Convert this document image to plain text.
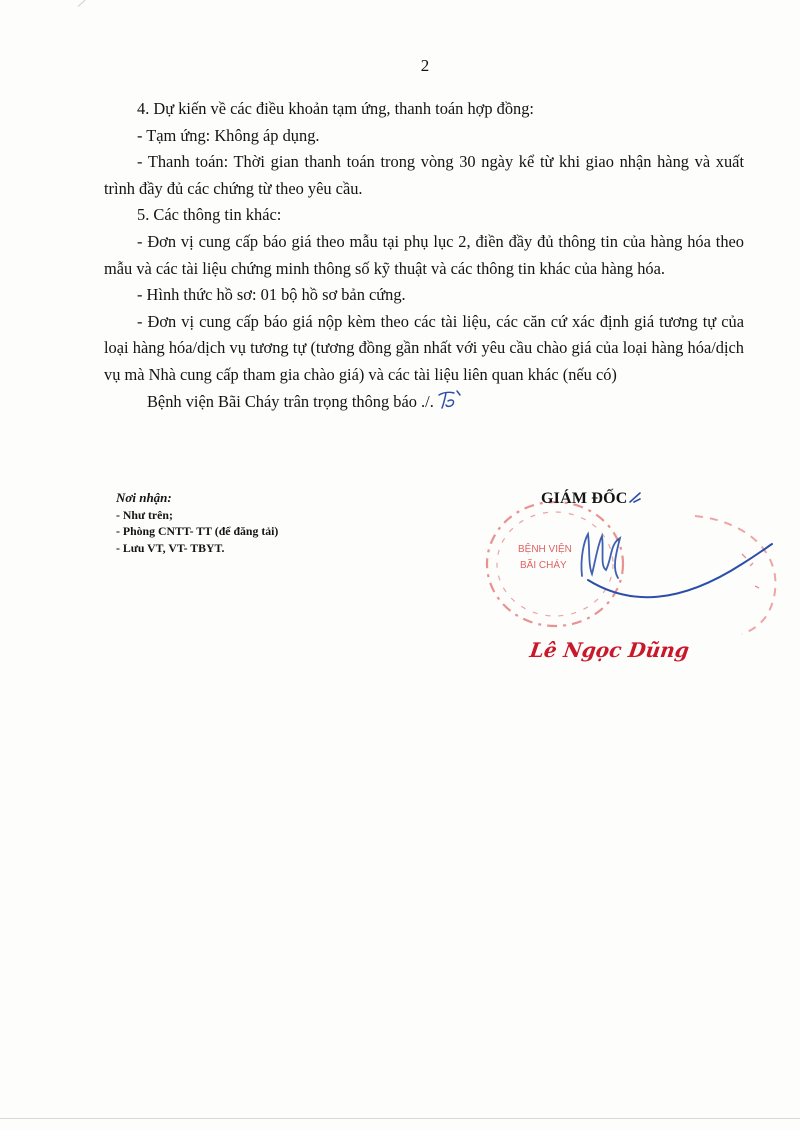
2

4. Dự kiến về các điều khoản tạm ứng, thanh toán hợp đồng:

- Tạm ứng: Không áp dụng.

- Thanh toán: Thời gian thanh toán trong vòng 30 ngày kể từ khi giao nhận hàng và xuất trình đầy đủ các chứng từ theo yêu cầu.

5. Các thông tin khác:

- Đơn vị cung cấp báo giá theo mẫu tại phụ lục 2, điền đầy đủ thông tin của hàng hóa theo mẫu và các tài liệu chứng minh thông số kỹ thuật và các thông tin khác của hàng hóa.

- Hình thức hồ sơ: 01 bộ hồ sơ bản cứng.

- Đơn vị cung cấp báo giá nộp kèm theo các tài liệu, các căn cứ xác định giá tương tự của loại hàng hóa/dịch vụ tương tự (tương đồng gần nhất với yêu cầu chào giá của loại hàng hóa/dịch vụ mà Nhà cung cấp tham gia chào giá) và các tài liệu liên quan khác (nếu có)

Bệnh viện Bãi Cháy trân trọng thông báo ./.

Nơi nhận:
- Như trên;
- Phòng CNTT- TT (để đăng tải)
- Lưu VT, VT- TBYT.	BỆNH VIỆN
BÃI CHÁY
GIÁM ĐỐC
Lê Ngọc Dũng
